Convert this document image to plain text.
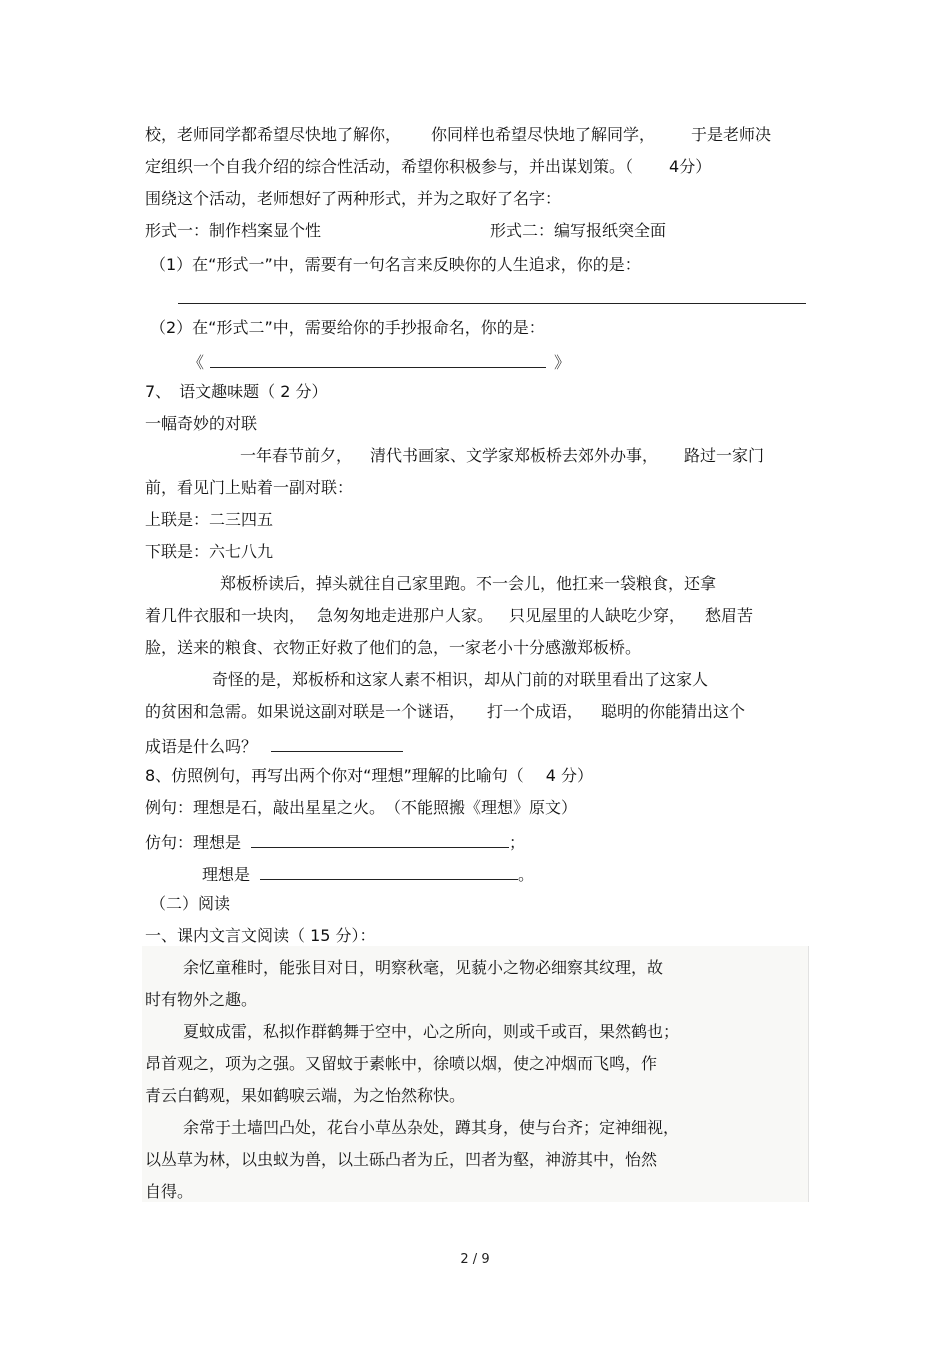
校，老师同学都希望尽快地了解你， 你同样也希望尽快地了解同学， 于是老师决
定组织一个自我介绍的综合性活动，希望你积极参与，并出谋划策。（ 4分）
围绕这个活动，老师想好了两种形式，并为之取好了名字：
形式一：制作档案显个性	形式二：编写报纸突全面
（1）在“形式一”中，需要有一句名言来反映你的人生追求，你的是：
（2）在“形式二”中，需要给你的手抄报命名，你的是：
《	》
7、　语文趣味题（ 2 分）
一幅奇妙的对联
一年春节前夕， 清代书画家、文学家郑板桥去郊外办事， 路过一家门
前，看见门上贴着一副对联：
上联是：二三四五
下联是：六七八九
郑板桥读后，掉头就往自己家里跑。不一会儿，他扛来一袋粮食，还拿
着几件衣服和一块肉， 急匆匆地走进那户人家。 只见屋里的人缺吃少穿， 愁眉苦
脸，送来的粮食、衣物正好救了他们的急，一家老小十分感激郑板桥。
奇怪的是，郑板桥和这家人素不相识，却从门前的对联里看出了这家人
的贫困和急需。如果说这副对联是一个谜语， 打一个成语， 聪明的你能猜出这个
成语是什么吗？
8、仿照例句，再写出两个你对“理想”理解的比喻句（ 4 分）
例句：理想是石，敲出星星之火。　（不能照搬《理想》原文）
仿句：理想是	；
理想是	。
（二）阅读
一、课内文言文阅读（ 15 分）：
余忆童稚时，能张目对日，明察秋毫，见藐小之物必细察其纹理，故
时有物外之趣。
夏蚊成雷，私拟作群鹤舞于空中，心之所向，则或千或百，果然鹤也；
昂首观之，项为之强。又留蚊于素帐中，徐喷以烟，使之冲烟而飞鸣，作
青云白鹤观，果如鹤唳云端，为之怡然称快。
余常于土墙凹凸处，花台小草丛杂处，蹲其身，使与台齐；定神细视，
以丛草为林，以虫蚁为兽，以土砾凸者为丘，凹者为壑，神游其中，怡然
自得。
2 / 9
